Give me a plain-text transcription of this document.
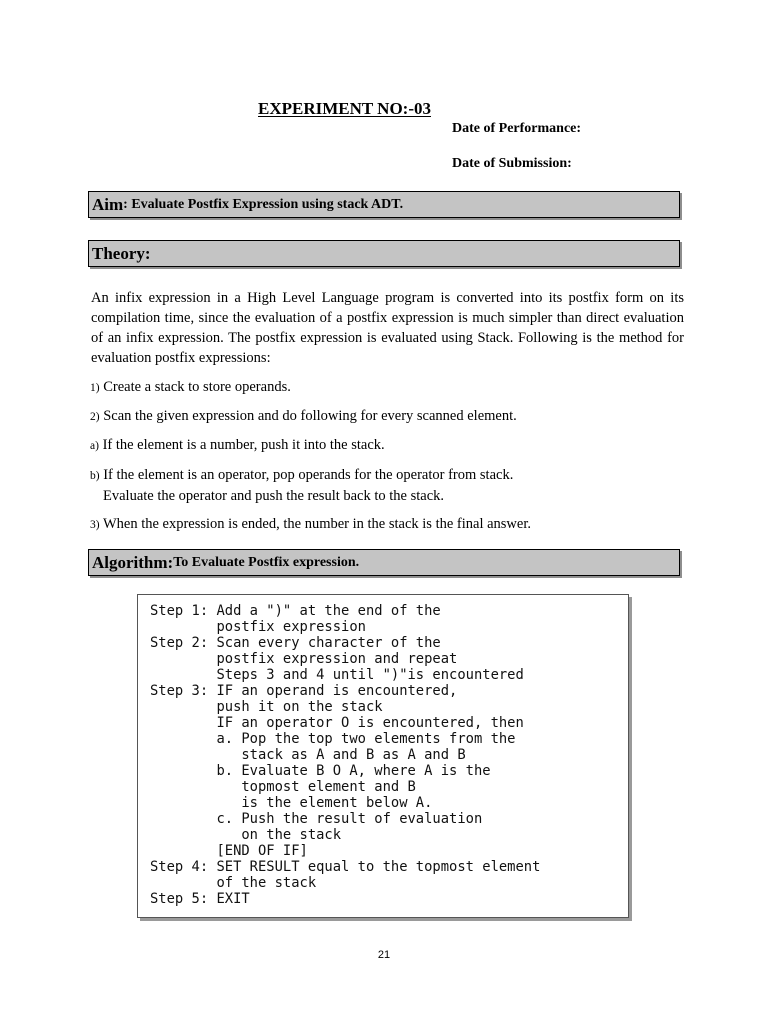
EXPERIMENT NO:-03
Date of Performance:
Date of Submission:
Aim : Evaluate Postfix Expression using stack ADT.
Theory:
An infix expression in a High Level Language program is converted into its postfix form on its compilation time, since the evaluation of a postfix expression is much simpler than direct evaluation of an infix expression. The postfix expression is evaluated using Stack. Following is the method for evaluation postfix expressions:
1) Create a stack to store operands.
2) Scan the given expression and do following for every scanned element.
a) If the element is a number, push it into the stack.
b) If the element is an operator, pop operands for the operator from stack.
Evaluate the operator and push the result back to the stack.
3) When the expression is ended, the number in the stack is the final answer.
Algorithm: To Evaluate Postfix expression.
Step 1: Add a ")" at the end of the
postfix expression
Step 2: Scan every character of the
postfix expression and repeat
Steps 3 and 4 until ")"is encountered
Step 3: IF an operand is encountered,
push it on the stack
IF an operator O is encountered, then
a. Pop the top two elements from the
stack as A and B as A and B
b. Evaluate B O A, where A is the
topmost element and B
is the element below A.
c. Push the result of evaluation
on the stack
[END OF IF]
Step 4: SET RESULT equal to the topmost element
of the stack
Step 5: EXIT
21
